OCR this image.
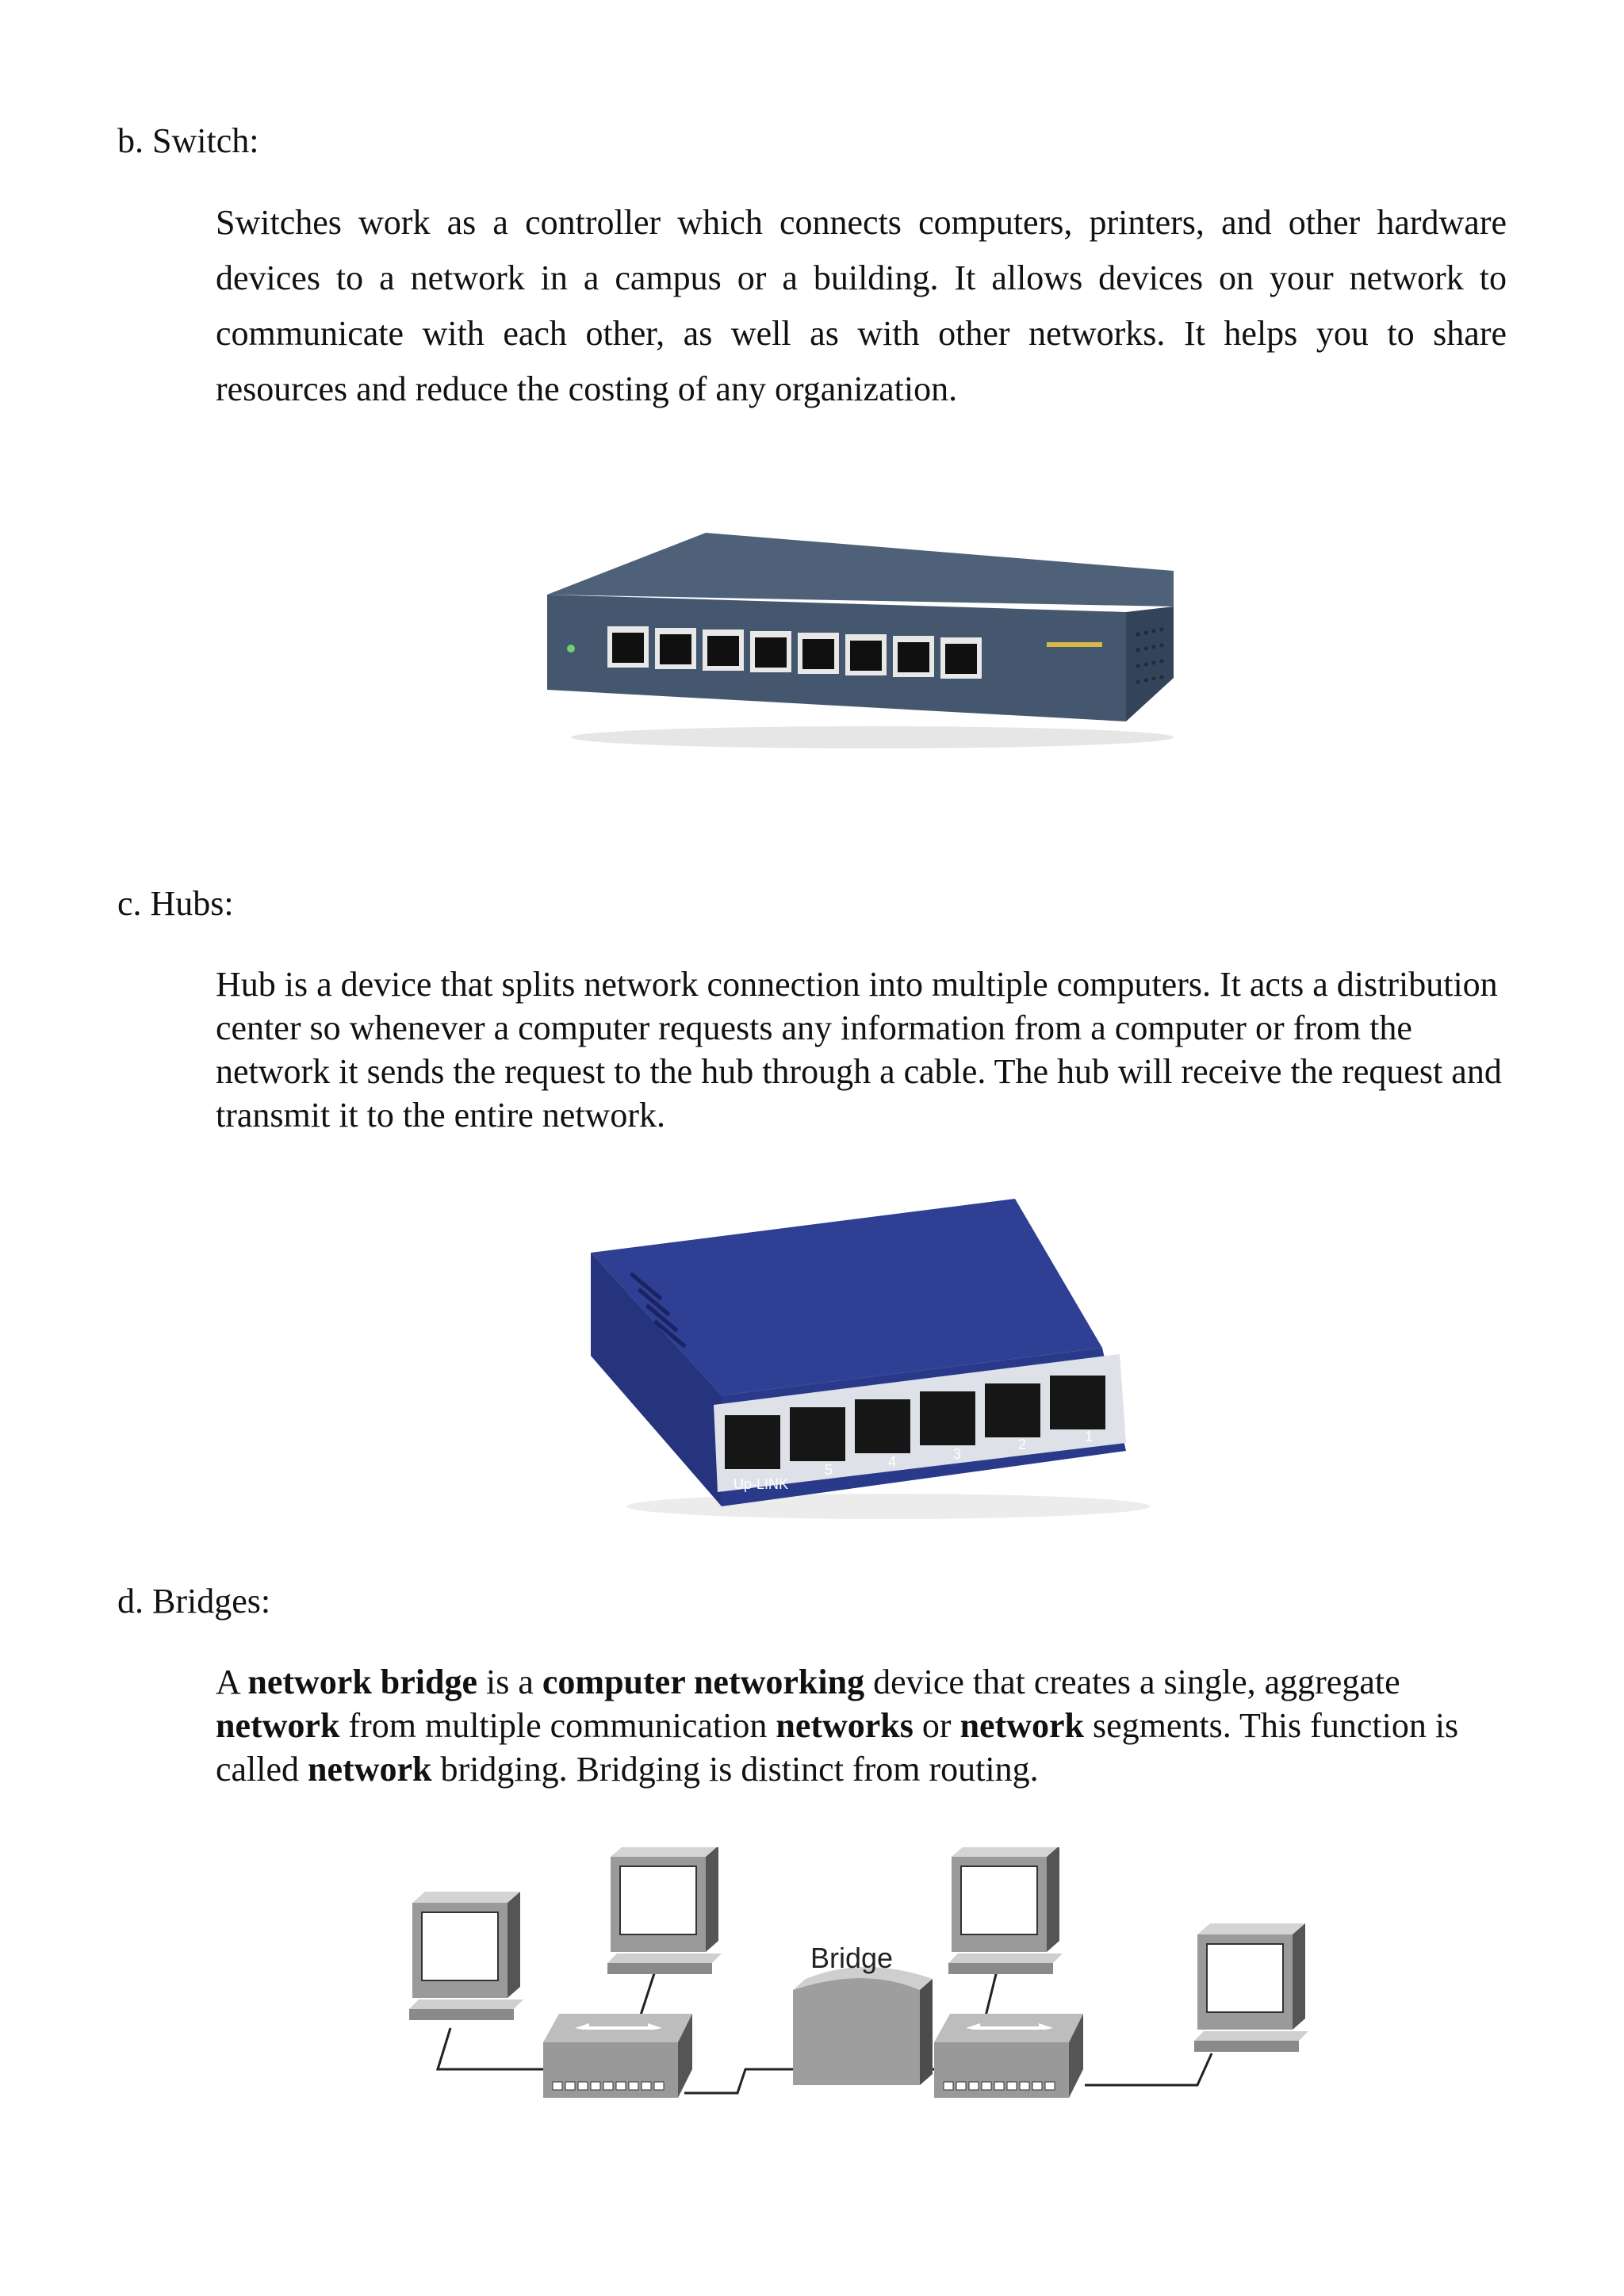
b. Switch:

Switches work as a controller which connects computers, printers, and other hardware devices to a network in a campus or a building. It allows devices on your network to communicate with each other, as well as with other networks. It helps you to share resources and reduce the costing of any organization.

c. Hubs:

Hub is a device that splits network connection into multiple computers. It acts a distribution center so whenever a computer requests any information from a computer or from the network it sends the request to the hub through a cable. The hub will receive the request and transmit it to the entire network.

Up-LINK
5	4	3
2	1
d. Bridges:

A network bridge is a computer networking device that creates a single, aggregate network from multiple communication networks or network segments. This function is called network bridging. Bridging is distinct from routing.

Bridge
